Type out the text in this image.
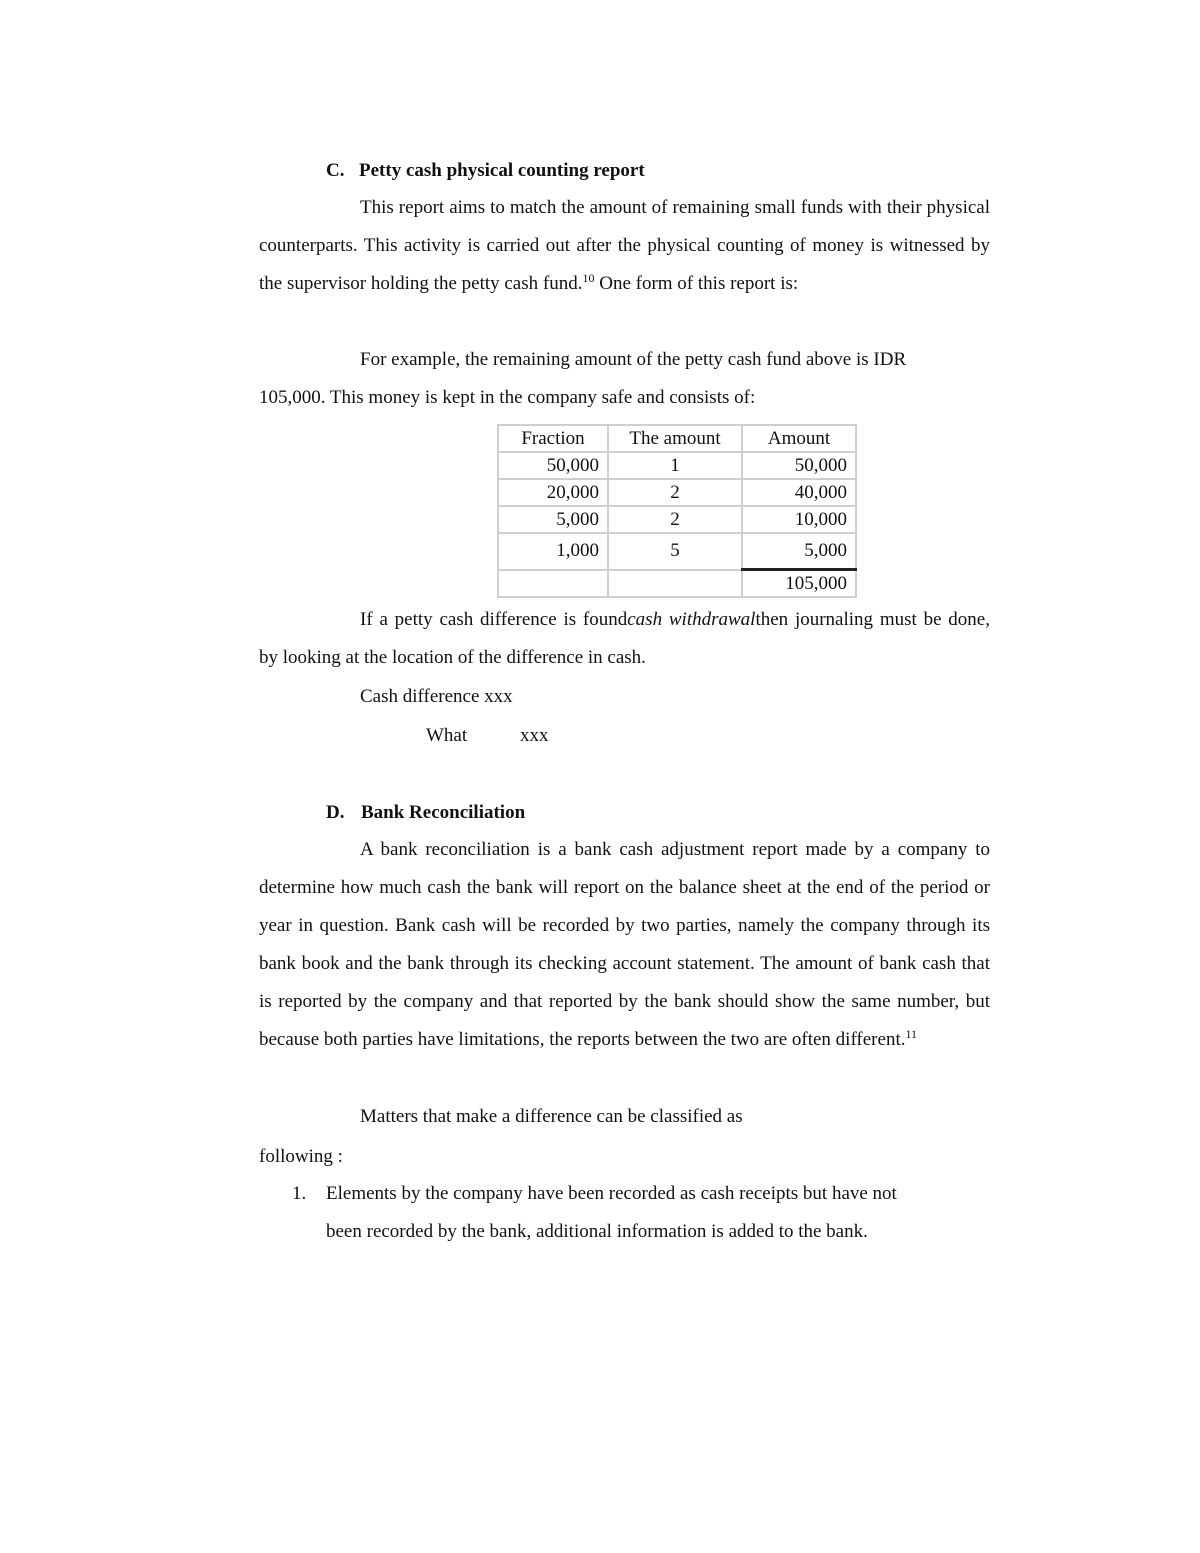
C. Petty cash physical counting report
This report aims to match the amount of remaining small funds with their physical counterparts. This activity is carried out after the physical counting of money is witnessed by the supervisor holding the petty cash fund.$^{10}$ One form of this report is:
For example, the remaining amount of the petty cash fund above is IDR
105,000. This money is kept in the company safe and consists of:
Fraction	The amount	Amount
50,000	1	50,000
20,000	2	40,000
5,000	2	10,000
1,000	5	5,000
		105,000
If a petty cash difference is foundcash withdrawalthen journaling must be done, by looking at the location of the difference in cash.
Cash difference xxx
What	xxx
D. Bank Reconciliation
A bank reconciliation is a bank cash adjustment report made by a company to determine how much cash the bank will report on the balance sheet at the end of the period or year in question. Bank cash will be recorded by two parties, namely the company through its bank book and the bank through its checking account statement. The amount of bank cash that is reported by the company and that reported by the bank should show the same number, but because both parties have limitations, the reports between the two are often different.$^{11}$
Matters that make a difference can be classified as
following :
1. Elements by the company have been recorded as cash receipts but have not
been recorded by the bank, additional information is added to the bank.
